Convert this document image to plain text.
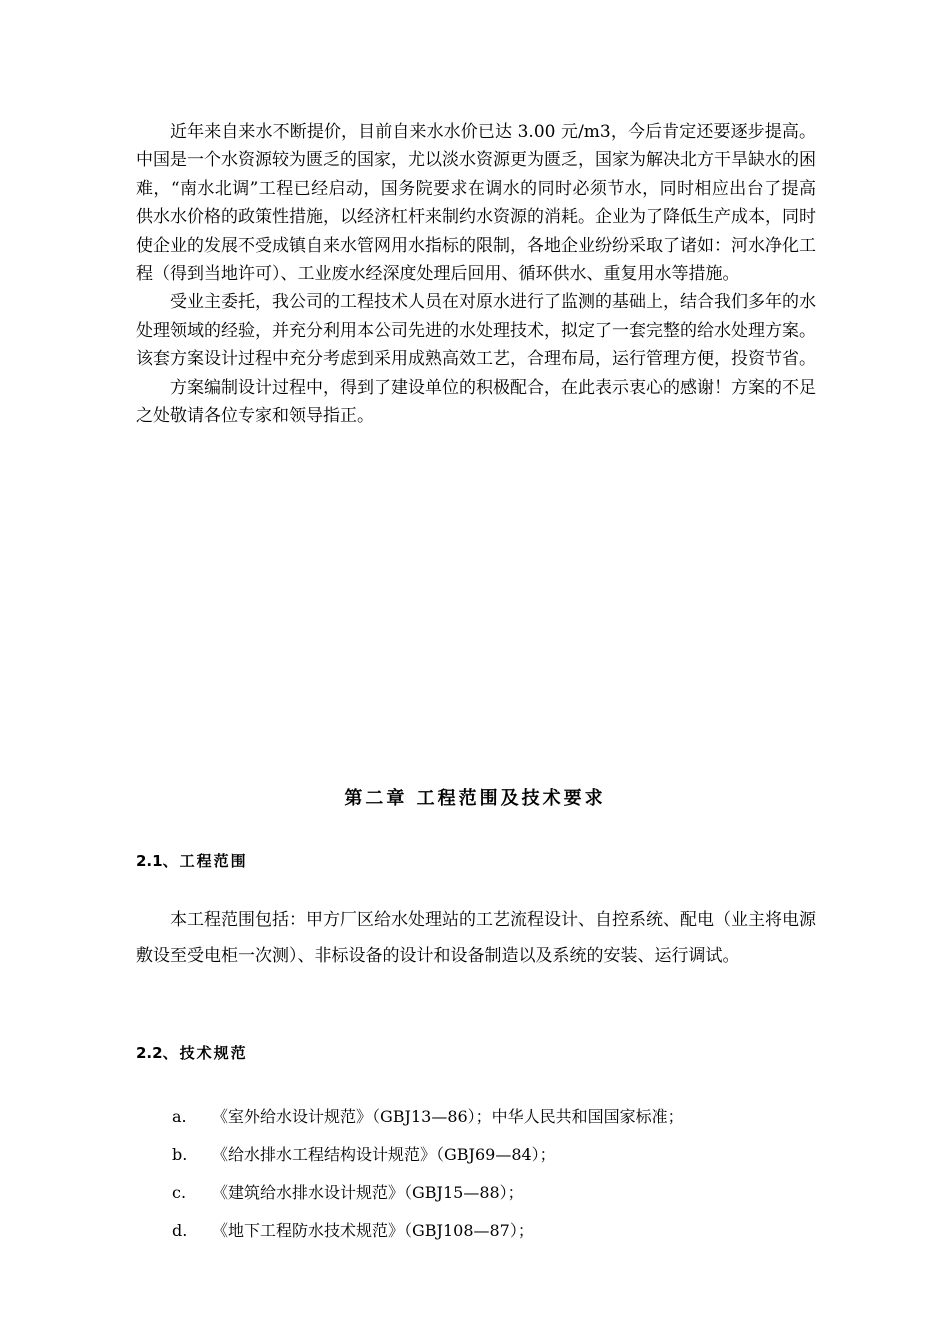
近年来自来水不断提价，目前自来水水价已达 3.00 元/m3，今后肯定还要逐步提高。中国是一个水资源较为匮乏的国家，尤以淡水资源更为匮乏，国家为解决北方干旱缺水的困难，“南水北调”工程已经启动，国务院要求在调水的同时必须节水，同时相应出台了提高供水水价格的政策性措施，以经济杠杆来制约水资源的消耗。企业为了降低生产成本，同时使企业的发展不受成镇自来水管网用水指标的限制，各地企业纷纷采取了诸如：河水净化工程（得到当地许可）、工业废水经深度处理后回用、循环供水、重复用水等措施。

受业主委托，我公司的工程技术人员在对原水进行了监测的基础上，结合我们多年的水处理领域的经验，并充分利用本公司先进的水处理技术，拟定了一套完整的给水处理方案。该套方案设计过程中充分考虑到采用成熟高效工艺，合理布局，运行管理方便，投资节省。

方案编制设计过程中，得到了建设单位的积极配合，在此表示衷心的感谢！方案的不足之处敬请各位专家和领导指正。

第二章 工程范围及技术要求
2.1、 工程范围

本工程范围包括：甲方厂区给水处理站的工艺流程设计、自控系统、配电（业主将电源敷设至受电柜一次测）、非标设备的设计和设备制造以及系统的安装、运行调试。

2.2、 技术规范
a. 《室外给水设计规范》（GBJ13—86）；中华人民共和国国家标准；
b. 《给水排水工程结构设计规范》（GBJ69—84）；
c. 《建筑给水排水设计规范》（GBJ15—88）；
d. 《地下工程防水技术规范》（GBJ108—87）；
